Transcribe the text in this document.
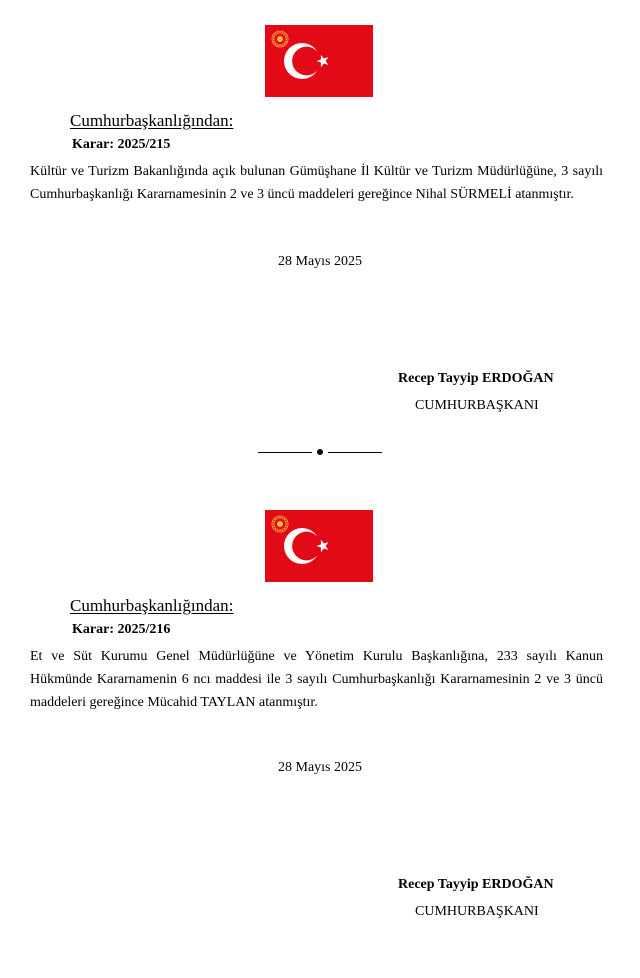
Cumhurbaşkanlığından:
Karar: 2025/215
Kültür ve Turizm Bakanlığında açık bulunan Gümüşhane İl Kültür ve Turizm Müdürlüğüne, 3 sayılı Cumhurbaşkanlığı Kararnamesinin 2 ve 3 üncü maddeleri gereğince Nihal SÜRMELİ atanmıştır.
28 Mayıs 2025
Recep Tayyip ERDOĞAN
CUMHURBAŞKANI
Cumhurbaşkanlığından:
Karar: 2025/216
Et ve Süt Kurumu Genel Müdürlüğüne ve Yönetim Kurulu Başkanlığına, 233 sayılı Kanun Hükmünde Kararnamenin 6 ncı maddesi ile 3 sayılı Cumhurbaşkanlığı Kararnamesinin 2 ve 3 üncü maddeleri gereğince Mücahid TAYLAN atanmıştır.
28 Mayıs 2025
Recep Tayyip ERDOĞAN
CUMHURBAŞKANI
